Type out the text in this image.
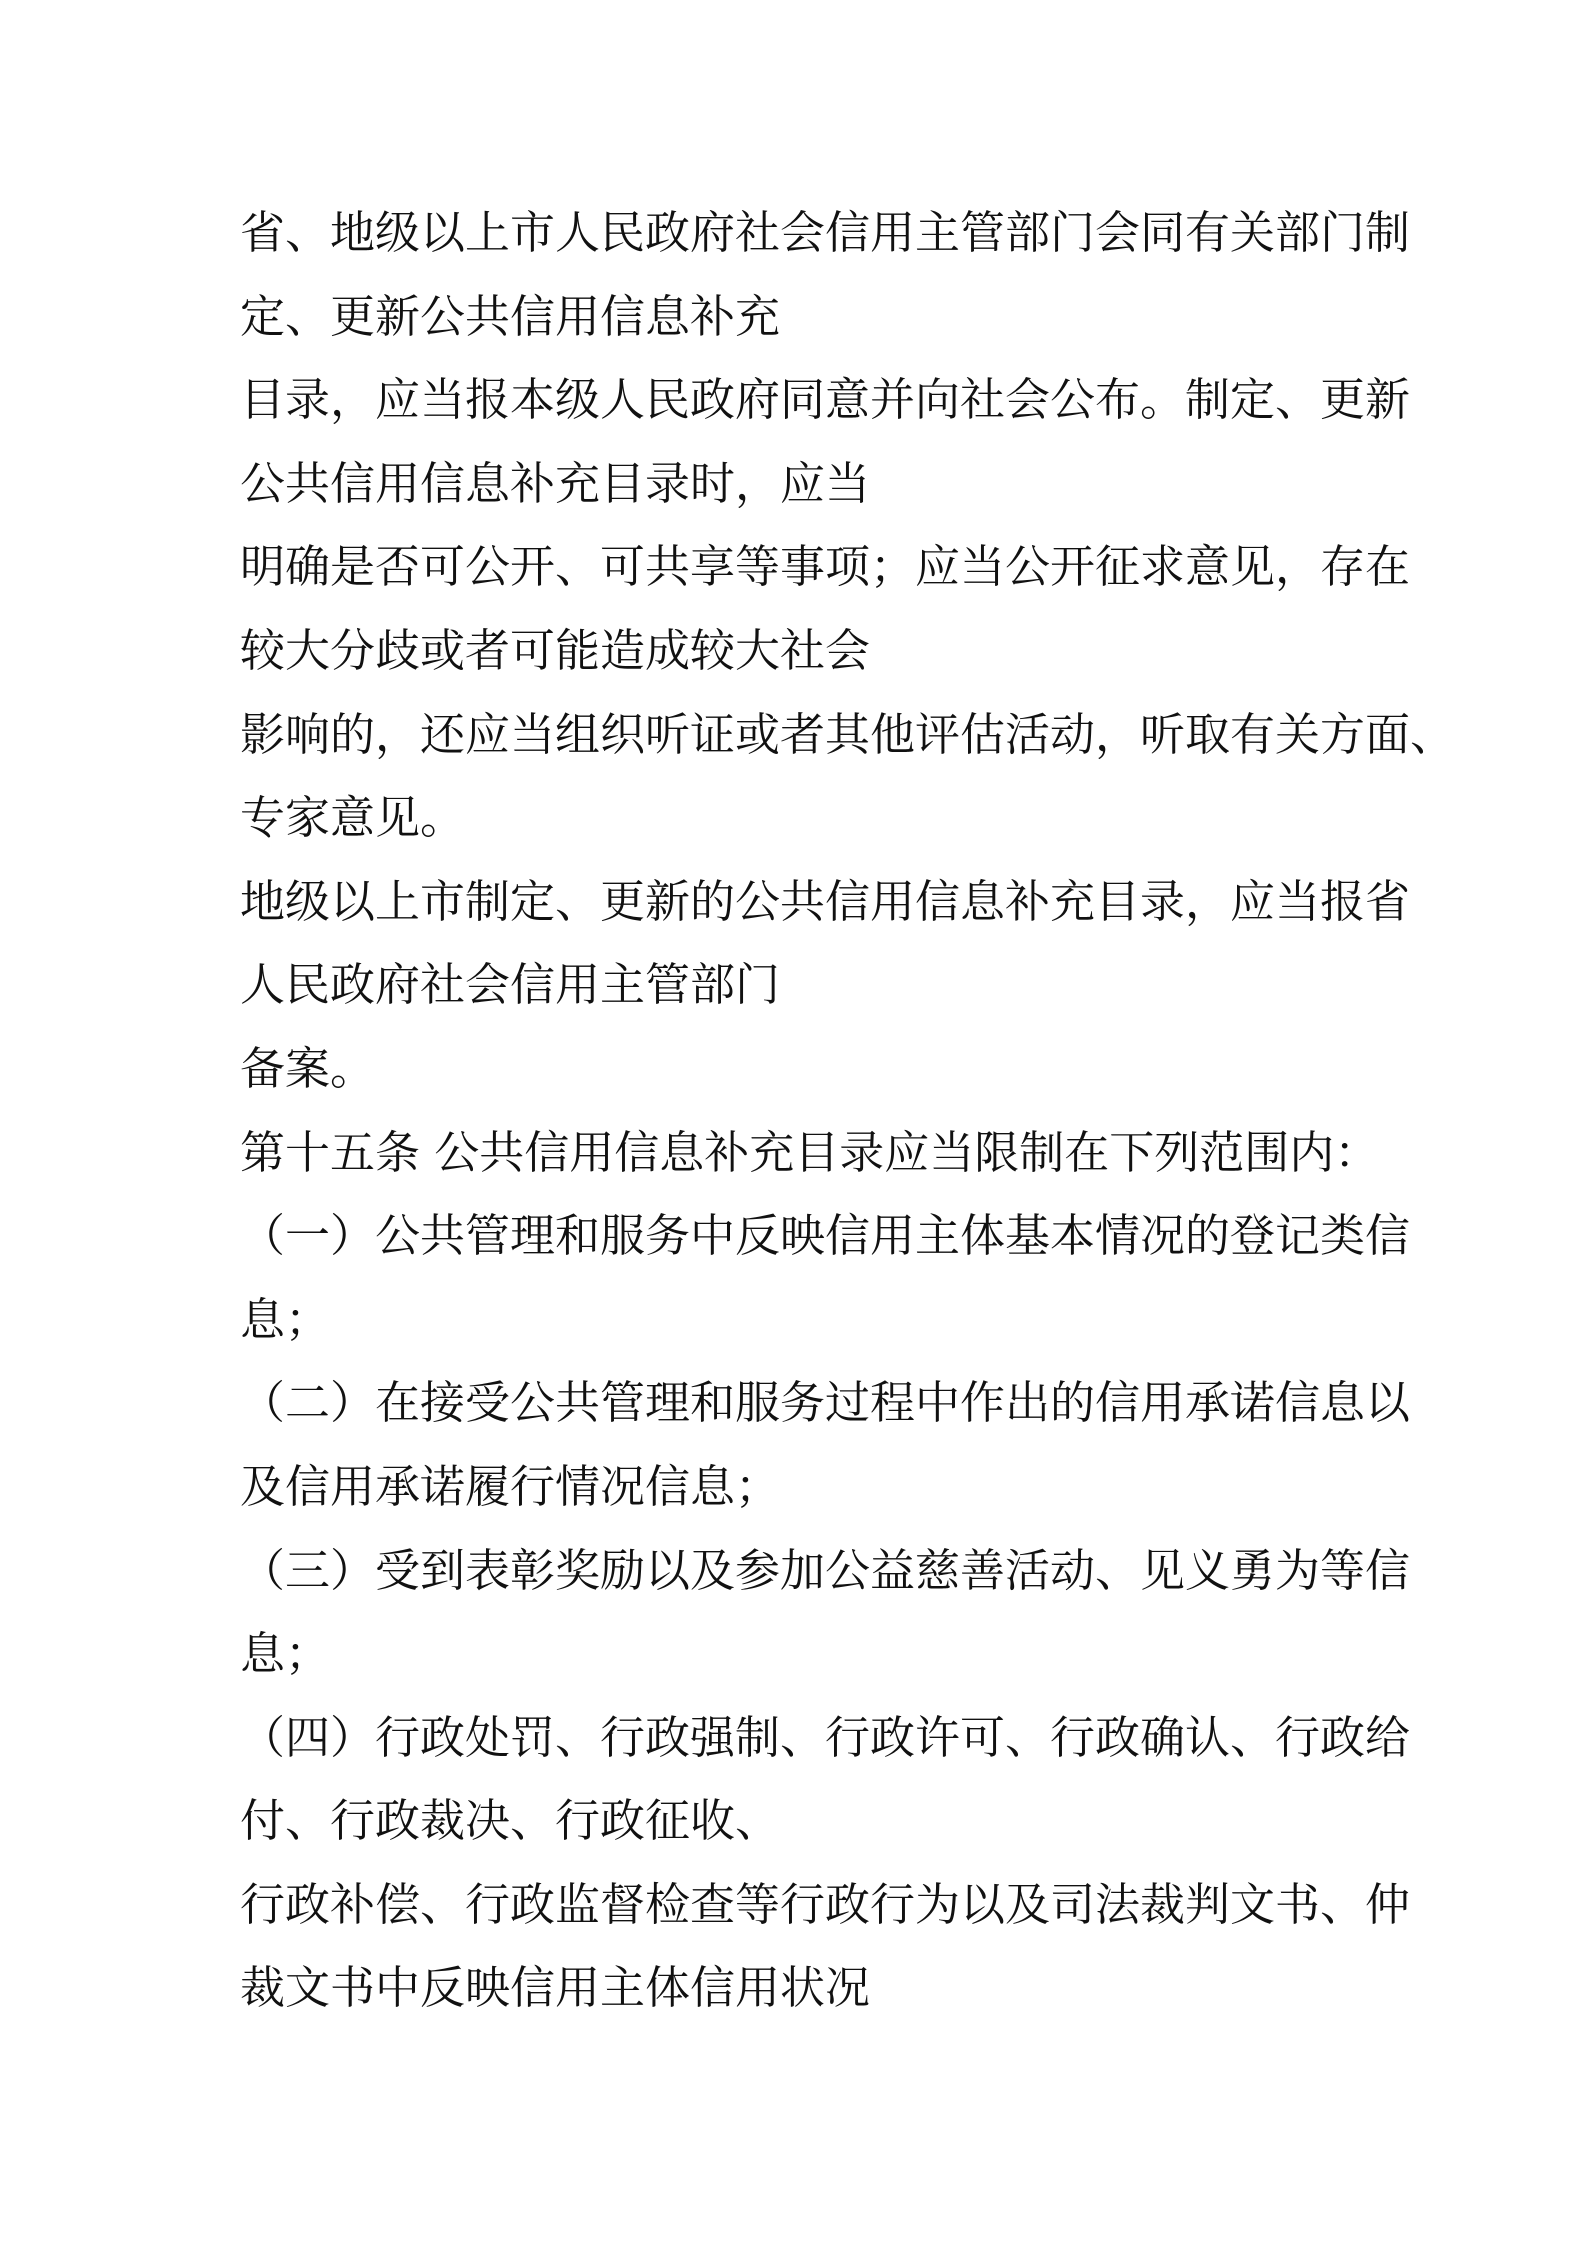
省、地级以上市人民政府社会信用主管部门会同有关部门制
定、更新公共信用信息补充
目录，应当报本级人民政府同意并向社会公布。制定、更新
公共信用信息补充目录时，应当
明确是否可公开、可共享等事项；应当公开征求意见，存在
较大分歧或者可能造成较大社会
影响的，还应当组织听证或者其他评估活动，听取有关方面、
专家意见。
地级以上市制定、更新的公共信用信息补充目录，应当报省
人民政府社会信用主管部门
备案。
第十五条 公共信用信息补充目录应当限制在下列范围内：
（一）公共管理和服务中反映信用主体基本情况的登记类信
息；
（二）在接受公共管理和服务过程中作出的信用承诺信息以
及信用承诺履行情况信息；
（三）受到表彰奖励以及参加公益慈善活动、见义勇为等信
息；
（四）行政处罚、行政强制、行政许可、行政确认、行政给
付、行政裁决、行政征收、
行政补偿、行政监督检查等行政行为以及司法裁判文书、仲
裁文书中反映信用主体信用状况
